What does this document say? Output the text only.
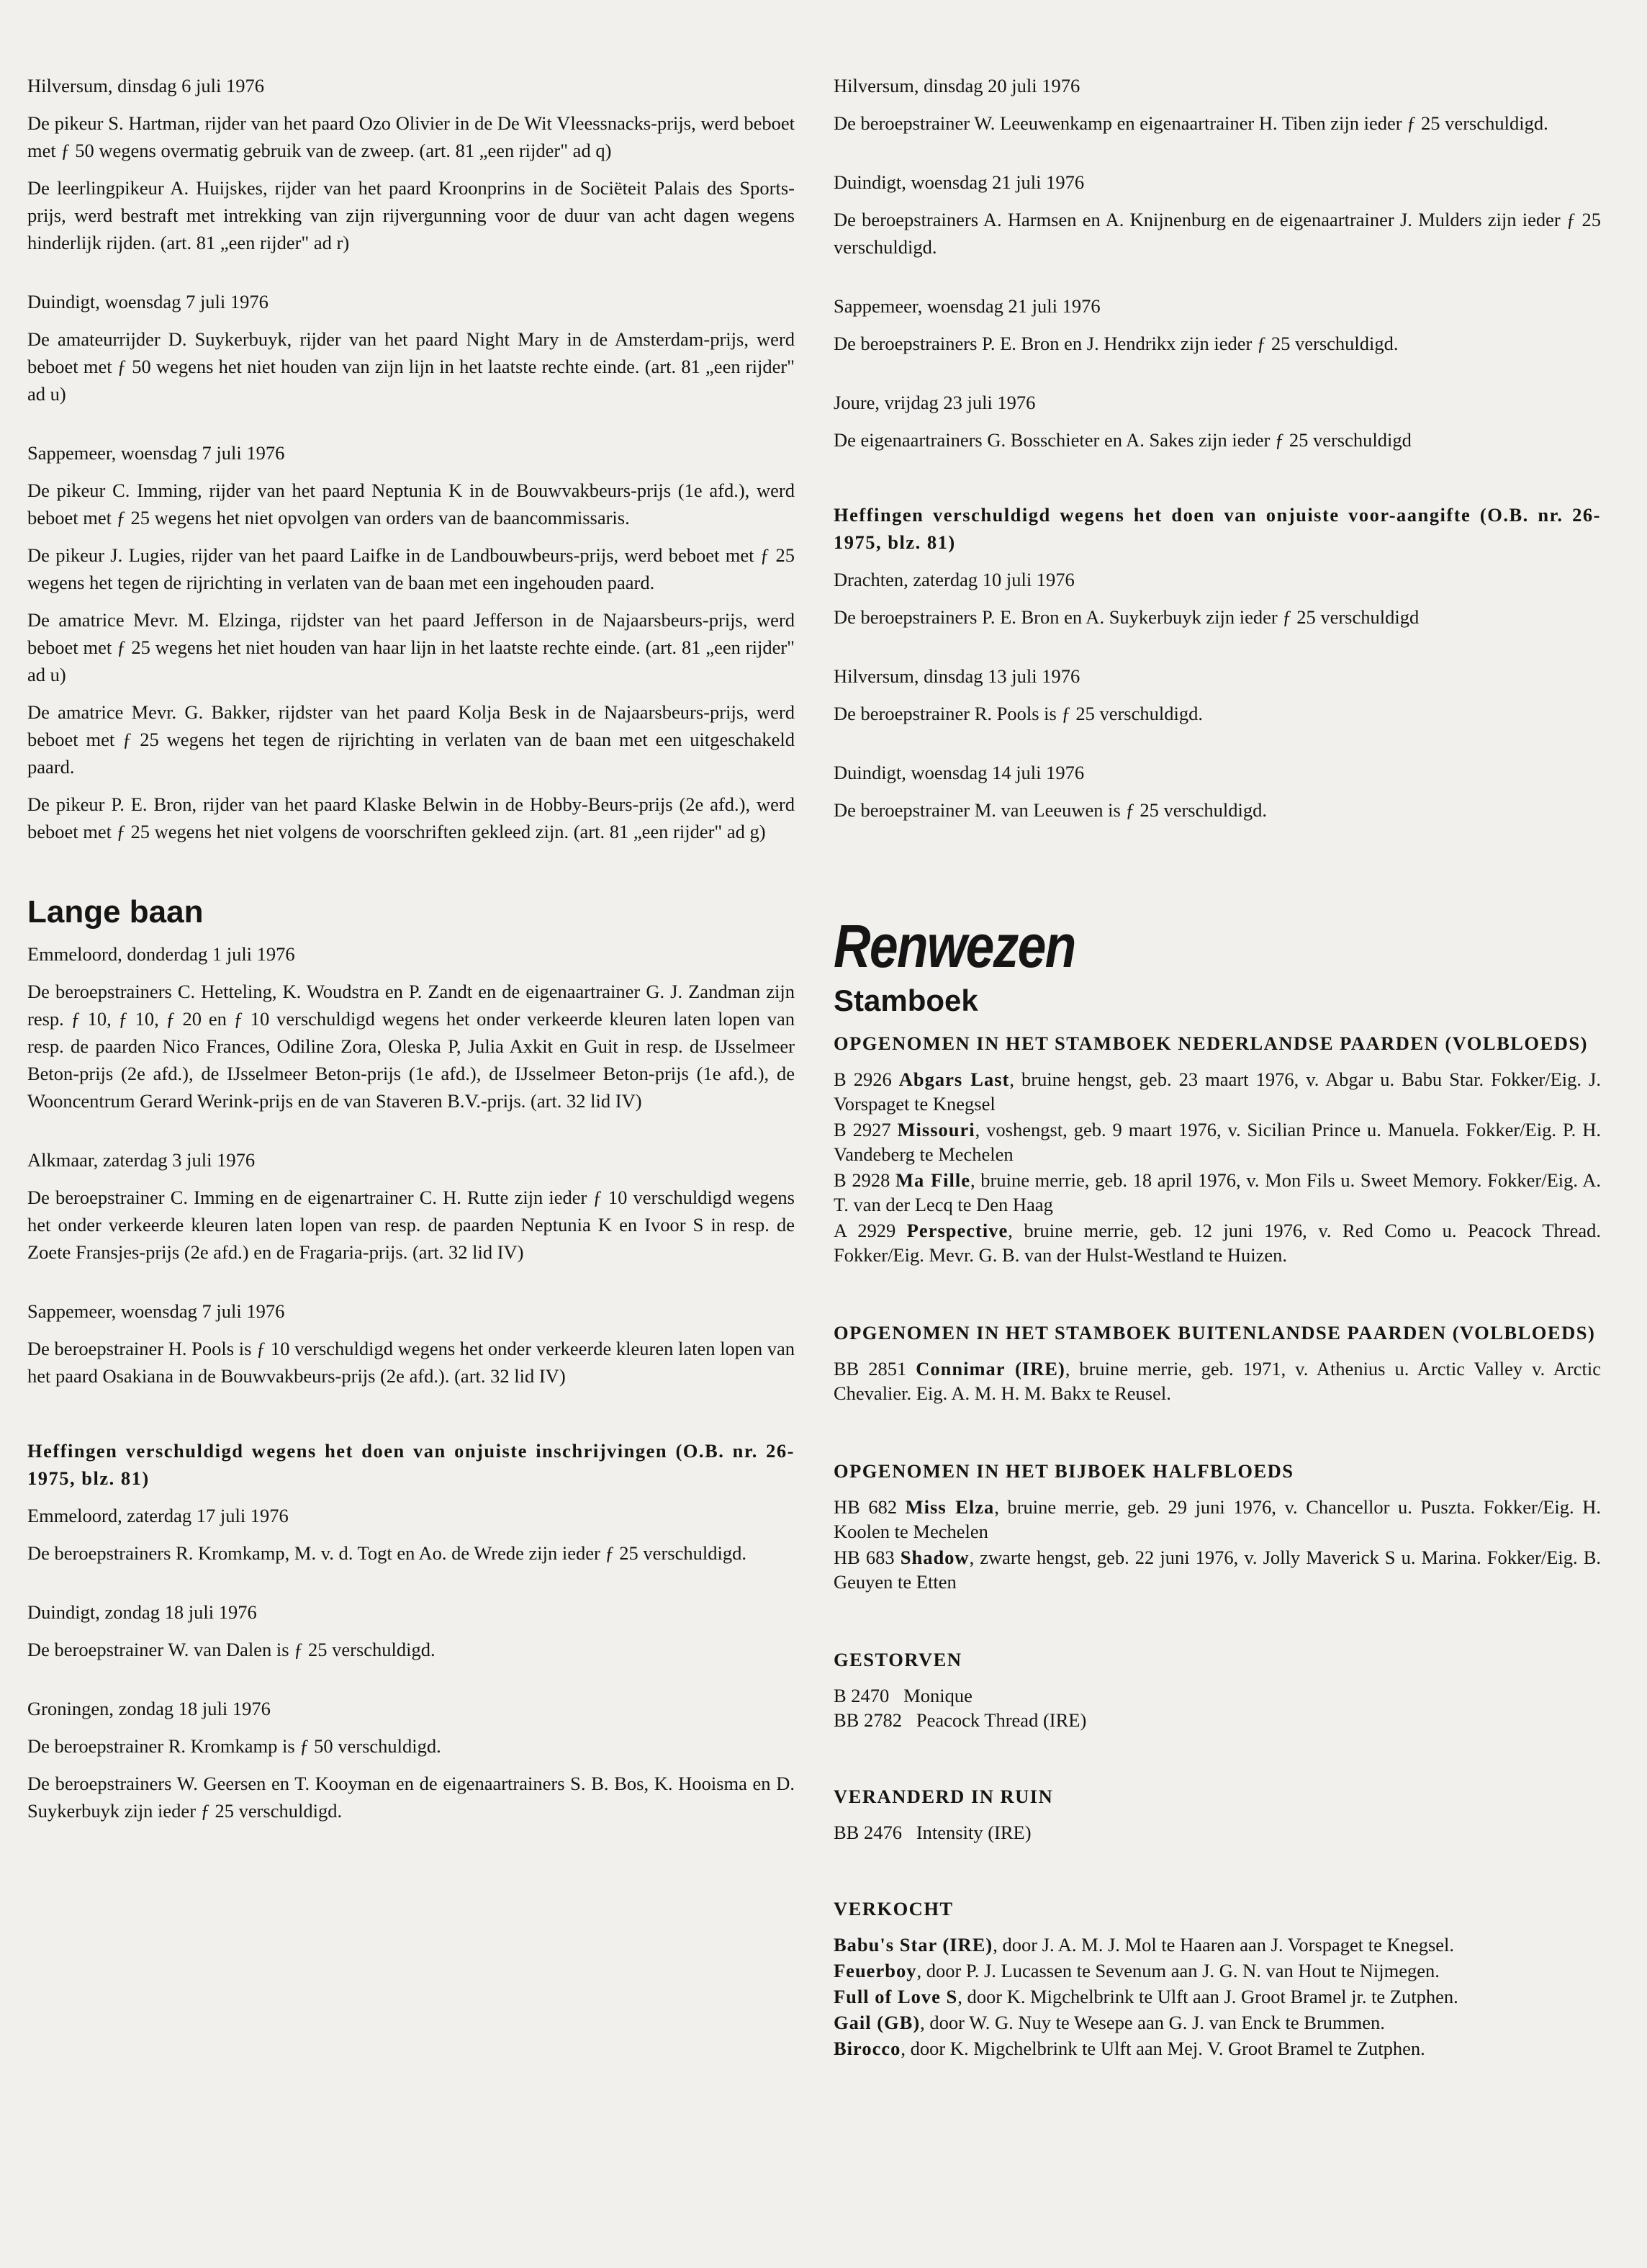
Hilversum, dinsdag 6 juli 1976

De pikeur S. Hartman, rijder van het paard Ozo Olivier in de De Wit Vleessnacks-prijs, werd beboet met ƒ 50 wegens overmatig gebruik van de zweep. (art. 81 „een rijder" ad q)

De leerlingpikeur A. Huijskes, rijder van het paard Kroonprins in de Sociëteit Palais des Sports-prijs, werd bestraft met intrekking van zijn rijvergunning voor de duur van acht dagen wegens hinderlijk rijden. (art. 81 „een rijder" ad r)

Duindigt, woensdag 7 juli 1976

De amateurrijder D. Suykerbuyk, rijder van het paard Night Mary in de Amsterdam-prijs, werd beboet met ƒ 50 wegens het niet houden van zijn lijn in het laatste rechte einde. (art. 81 „een rijder" ad u)

Sappemeer, woensdag 7 juli 1976

De pikeur C. Imming, rijder van het paard Neptunia K in de Bouwvakbeurs-prijs (1e afd.), werd beboet met ƒ 25 wegens het niet opvolgen van orders van de baancommissaris.

De pikeur J. Lugies, rijder van het paard Laifke in de Landbouwbeurs-prijs, werd beboet met ƒ 25 wegens het tegen de rijrichting in verlaten van de baan met een ingehouden paard.

De amatrice Mevr. M. Elzinga, rijdster van het paard Jefferson in de Najaarsbeurs-prijs, werd beboet met ƒ 25 wegens het niet houden van haar lijn in het laatste rechte einde. (art. 81 „een rijder" ad u)

De amatrice Mevr. G. Bakker, rijdster van het paard Kolja Besk in de Najaarsbeurs-prijs, werd beboet met ƒ 25 wegens het tegen de rijrichting in verlaten van de baan met een uitgeschakeld paard.

De pikeur P. E. Bron, rijder van het paard Klaske Belwin in de Hobby-Beurs-prijs (2e afd.), werd beboet met ƒ 25 wegens het niet volgens de voorschriften gekleed zijn. (art. 81 „een rijder" ad g)

Lange baan

Emmeloord, donderdag 1 juli 1976

De beroepstrainers C. Hetteling, K. Woudstra en P. Zandt en de eigenaartrainer G. J. Zandman zijn resp. ƒ 10, ƒ 10, ƒ 20 en ƒ 10 verschuldigd wegens het onder verkeerde kleuren laten lopen van resp. de paarden Nico Frances, Odiline Zora, Oleska P, Julia Axkit en Guit in resp. de IJsselmeer Beton-prijs (2e afd.), de IJsselmeer Beton-prijs (1e afd.), de IJsselmeer Beton-prijs (1e afd.), de Wooncentrum Gerard Werink-prijs en de van Staveren B.V.-prijs. (art. 32 lid IV)

Alkmaar, zaterdag 3 juli 1976

De beroepstrainer C. Imming en de eigenartrainer C. H. Rutte zijn ieder ƒ 10 verschuldigd wegens het onder verkeerde kleuren laten lopen van resp. de paarden Neptunia K en Ivoor S in resp. de Zoete Fransjes-prijs (2e afd.) en de Fragaria-prijs. (art. 32 lid IV)

Sappemeer, woensdag 7 juli 1976

De beroepstrainer H. Pools is ƒ 10 verschuldigd wegens het onder verkeerde kleuren laten lopen van het paard Osakiana in de Bouwvakbeurs-prijs (2e afd.). (art. 32 lid IV)

Heffingen verschuldigd wegens het doen van onjuiste inschrijvingen (O.B. nr. 26-1975, blz. 81)

Emmeloord, zaterdag 17 juli 1976

De beroepstrainers R. Kromkamp, M. v. d. Togt en Ao. de Wrede zijn ieder ƒ 25 verschuldigd.

Duindigt, zondag 18 juli 1976

De beroepstrainer W. van Dalen is ƒ 25 verschuldigd.

Groningen, zondag 18 juli 1976

De beroepstrainer R. Kromkamp is ƒ 50 verschuldigd.

De beroepstrainers W. Geersen en T. Kooyman en de eigenaartrainers S. B. Bos, K. Hooisma en D. Suykerbuyk zijn ieder ƒ 25 verschuldigd.

Hilversum, dinsdag 20 juli 1976

De beroepstrainer W. Leeuwenkamp en eigenaartrainer H. Tiben zijn ieder ƒ 25 verschuldigd.

Duindigt, woensdag 21 juli 1976

De beroepstrainers A. Harmsen en A. Knijnenburg en de eigenaartrainer J. Mulders zijn ieder ƒ 25 verschuldigd.

Sappemeer, woensdag 21 juli 1976

De beroepstrainers P. E. Bron en J. Hendrikx zijn ieder ƒ 25 verschuldigd.

Joure, vrijdag 23 juli 1976

De eigenaartrainers G. Bosschieter en A. Sakes zijn ieder ƒ 25 verschuldigd

Heffingen verschuldigd wegens het doen van onjuiste voor-aangifte (O.B. nr. 26-1975, blz. 81)

Drachten, zaterdag 10 juli 1976

De beroepstrainers P. E. Bron en A. Suykerbuyk zijn ieder ƒ 25 verschuldigd

Hilversum, dinsdag 13 juli 1976

De beroepstrainer R. Pools is ƒ 25 verschuldigd.

Duindigt, woensdag 14 juli 1976

De beroepstrainer M. van Leeuwen is ƒ 25 verschuldigd.

Renwezen
Stamboek

OPGENOMEN IN HET STAMBOEK NEDERLANDSE PAARDEN (VOLBLOEDS)

B 2926 Abgars Last, bruine hengst, geb. 23 maart 1976, v. Abgar u. Babu Star. Fokker/Eig. J. Vorspaget te Knegsel

B 2927 Missouri, voshengst, geb. 9 maart 1976, v. Sicilian Prince u. Manuela. Fokker/Eig. P. H. Vandeberg te Mechelen

B 2928 Ma Fille, bruine merrie, geb. 18 april 1976, v. Mon Fils u. Sweet Memory. Fokker/Eig. A. T. van der Lecq te Den Haag

A 2929 Perspective, bruine merrie, geb. 12 juni 1976, v. Red Como u. Peacock Thread. Fokker/Eig. Mevr. G. B. van der Hulst-Westland te Huizen.

OPGENOMEN IN HET STAMBOEK BUITENLANDSE PAARDEN (VOLBLOEDS)

BB 2851 Connimar (IRE), bruine merrie, geb. 1971, v. Athenius u. Arctic Valley v. Arctic Chevalier. Eig. A. M. H. M. Bakx te Reusel.

OPGENOMEN IN HET BIJBOEK HALFBLOEDS

HB 682 Miss Elza, bruine merrie, geb. 29 juni 1976, v. Chancellor u. Puszta. Fokker/Eig. H. Koolen te Mechelen

HB 683 Shadow, zwarte hengst, geb. 22 juni 1976, v. Jolly Maverick S u. Marina. Fokker/Eig. B. Geuyen te Etten

GESTORVEN

B 2470   Monique

BB 2782   Peacock Thread (IRE)

VERANDERD IN RUIN

BB 2476   Intensity (IRE)

VERKOCHT

Babu's Star (IRE), door J. A. M. J. Mol te Haaren aan J. Vorspaget te Knegsel.

Feuerboy, door P. J. Lucassen te Sevenum aan J. G. N. van Hout te Nijmegen.

Full of Love S, door K. Migchelbrink te Ulft aan J. Groot Bramel jr. te Zutphen.

Gail (GB), door W. G. Nuy te Wesepe aan G. J. van Enck te Brummen.

Birocco, door K. Migchelbrink te Ulft aan Mej. V. Groot Bramel te Zutphen.
